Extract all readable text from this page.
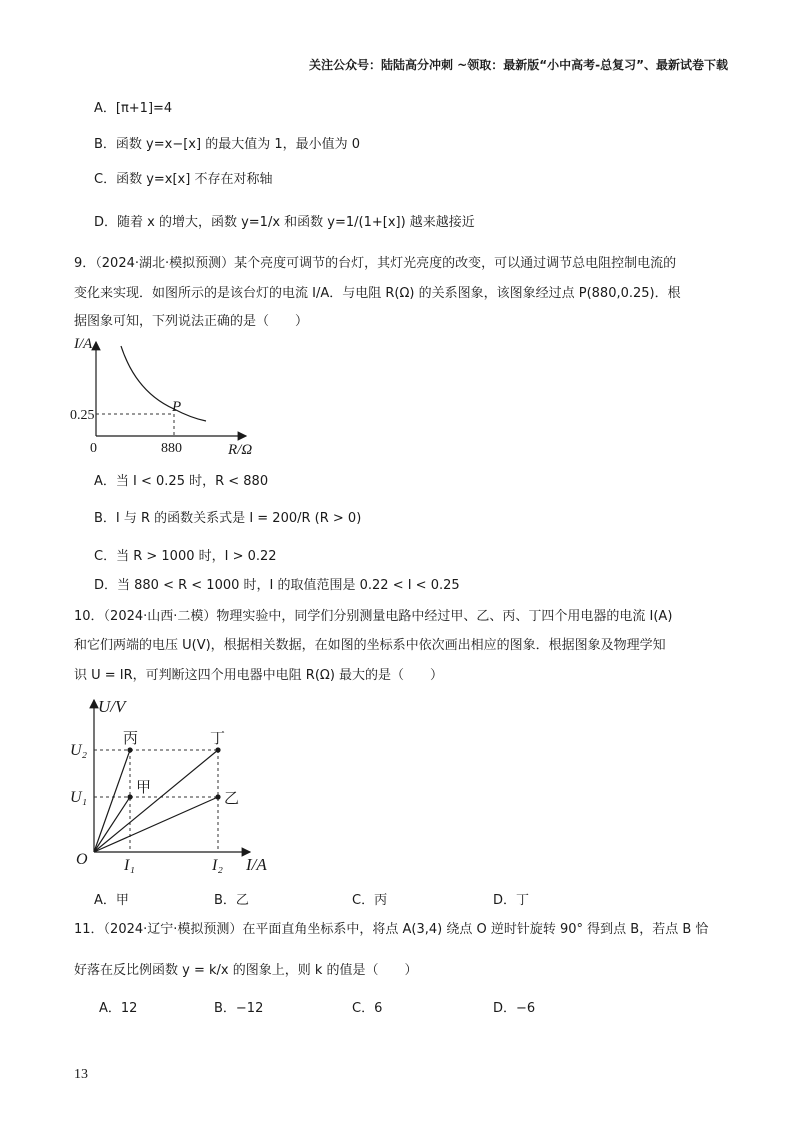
关注公众号：陆陆高分冲刺 ~领取：最新版“小中高考-总复习”、最新试卷下载
A．[π+1]=4
B．函数 y=x−[x] 的最大值为 1，最小值为 0
C．函数 y=x[x] 不存在对称轴
D．随着 x 的增大，函数 y=1/x 和函数 y=1/(1+[x]) 越来越接近
9．（2024·湖北·模拟预测）某个亮度可调节的台灯，其灯光亮度的改变，可以通过调节总电阻控制电流的
变化来实现．如图所示的是该台灯的电流 I/A．与电阻 R(Ω) 的关系图象，该图象经过点 P(880,0.25)．根
据图象可知，下列说法正确的是（　　）
I/A
R/Ω
0
0.25
880
P
A．当 I < 0.25 时，R < 880
B．I 与 R 的函数关系式是 I = 200/R (R > 0)
C．当 R > 1000 时，I > 0.22
D．当 880 < R < 1000 时，I 的取值范围是 0.22 < I < 0.25
10．（2024·山西·二模）物理实验中，同学们分别测量电路中经过甲、乙、丙、丁四个用电器的电流 I(A)
和它们两端的电压 U(V)，根据相关数据，在如图的坐标系中依次画出相应的图象．根据图象及物理学知
识 U = IR，可判断这四个用电器中电阻 R(Ω) 最大的是（　　）
U/V
I/A
O
U₂
U₁
I₁	I₂
丙	丁
甲
乙
A．甲	B．乙	C．丙	D．丁
11．（2024·辽宁·模拟预测）在平面直角坐标系中，将点 A(3,4) 绕点 O 逆时针旋转 90° 得到点 B，若点 B 恰
好落在反比例函数 y = k/x 的图象上，则 k 的值是（　　）
A．12	B．−12	C．6	D．−6
13
